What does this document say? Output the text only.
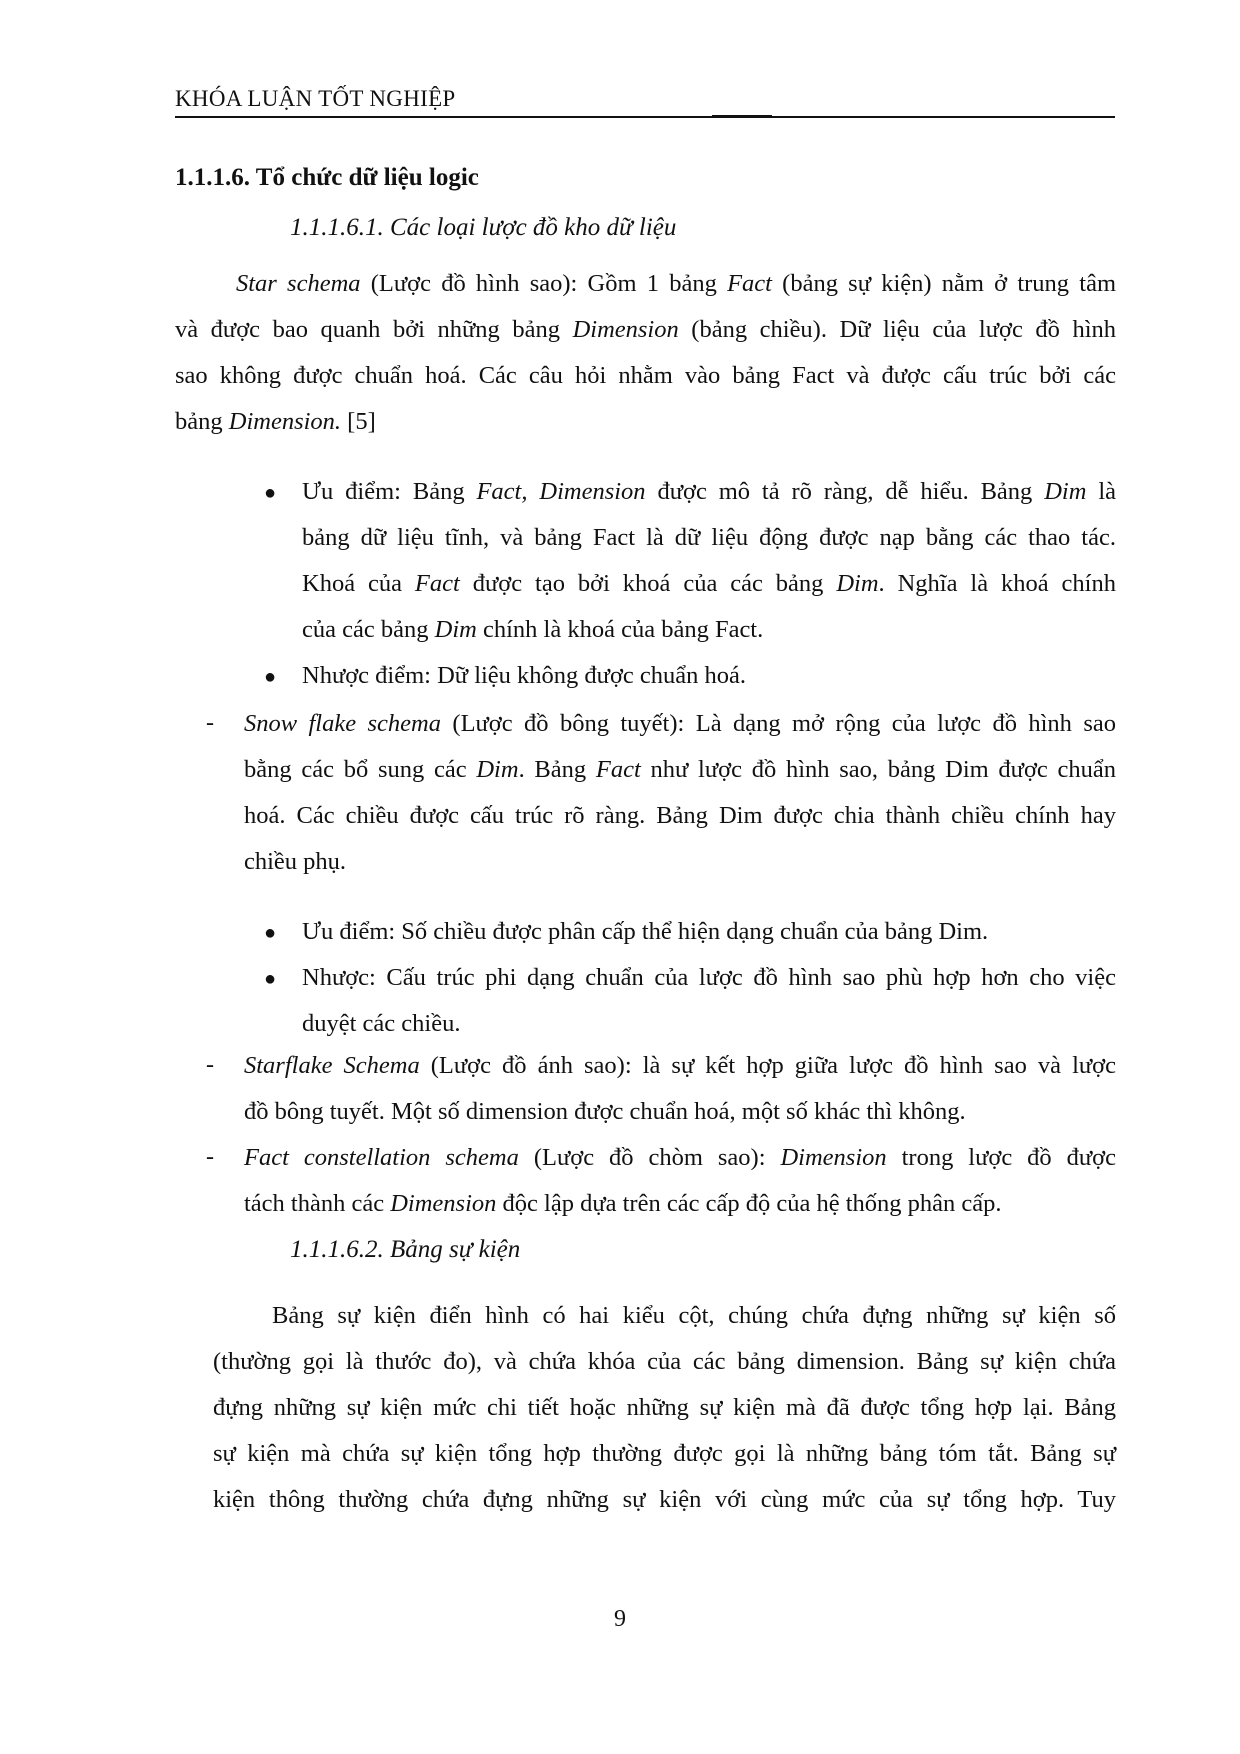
KHÓA LUẬN TỐT NGHIỆP
1.1.1.6. Tổ chức dữ liệu logic
1.1.1.6.1. Các loại lược đồ kho dữ liệu
Star schema (Lược đồ hình sao): Gồm 1 bảng Fact (bảng sự kiện) nằm ở trung tâm
và được bao quanh bởi những bảng Dimension (bảng chiều). Dữ liệu của lược đồ hình
sao không được chuẩn hoá. Các câu hỏi nhằm vào bảng Fact và được cấu trúc bởi các
bảng Dimension. [5]
● Ưu điểm: Bảng Fact, Dimension được mô tả rõ ràng, dễ hiểu. Bảng Dim là
bảng dữ liệu tĩnh, và bảng Fact là dữ liệu động được nạp bằng các thao tác.
Khoá của Fact được tạo bởi khoá của các bảng Dim. Nghĩa là khoá chính
của các bảng Dim chính là khoá của bảng Fact.
● Nhược điểm: Dữ liệu không được chuẩn hoá.
- Snow flake schema (Lược đồ bông tuyết): Là dạng mở rộng của lược đồ hình sao
bằng các bổ sung các Dim. Bảng Fact như lược đồ hình sao, bảng Dim được chuẩn
hoá. Các chiều được cấu trúc rõ ràng. Bảng Dim được chia thành chiều chính hay
chiều phụ.
● Ưu điểm: Số chiều được phân cấp thể hiện dạng chuẩn của bảng Dim.
● Nhược: Cấu trúc phi dạng chuẩn của lược đồ hình sao phù hợp hơn cho việc
duyệt các chiều.
- Starflake Schema (Lược đồ ánh sao): là sự kết hợp giữa lược đồ hình sao và lược
đồ bông tuyết. Một số dimension được chuẩn hoá, một số khác thì không.
- Fact constellation schema (Lược đồ chòm sao): Dimension trong lược đồ được
tách thành các Dimension độc lập dựa trên các cấp độ của hệ thống phân cấp.
1.1.1.6.2. Bảng sự kiện
Bảng sự kiện điển hình có hai kiểu cột, chúng chứa đựng những sự kiện số
(thường gọi là thước đo), và chứa khóa của các bảng dimension. Bảng sự kiện chứa
đựng những sự kiện mức chi tiết hoặc những sự kiện mà đã được tổng hợp lại. Bảng
sự kiện mà chứa sự kiện tổng hợp thường được gọi là những bảng tóm tắt. Bảng sự
kiện thông thường chứa đựng những sự kiện với cùng mức của sự tổng hợp. Tuy
9
